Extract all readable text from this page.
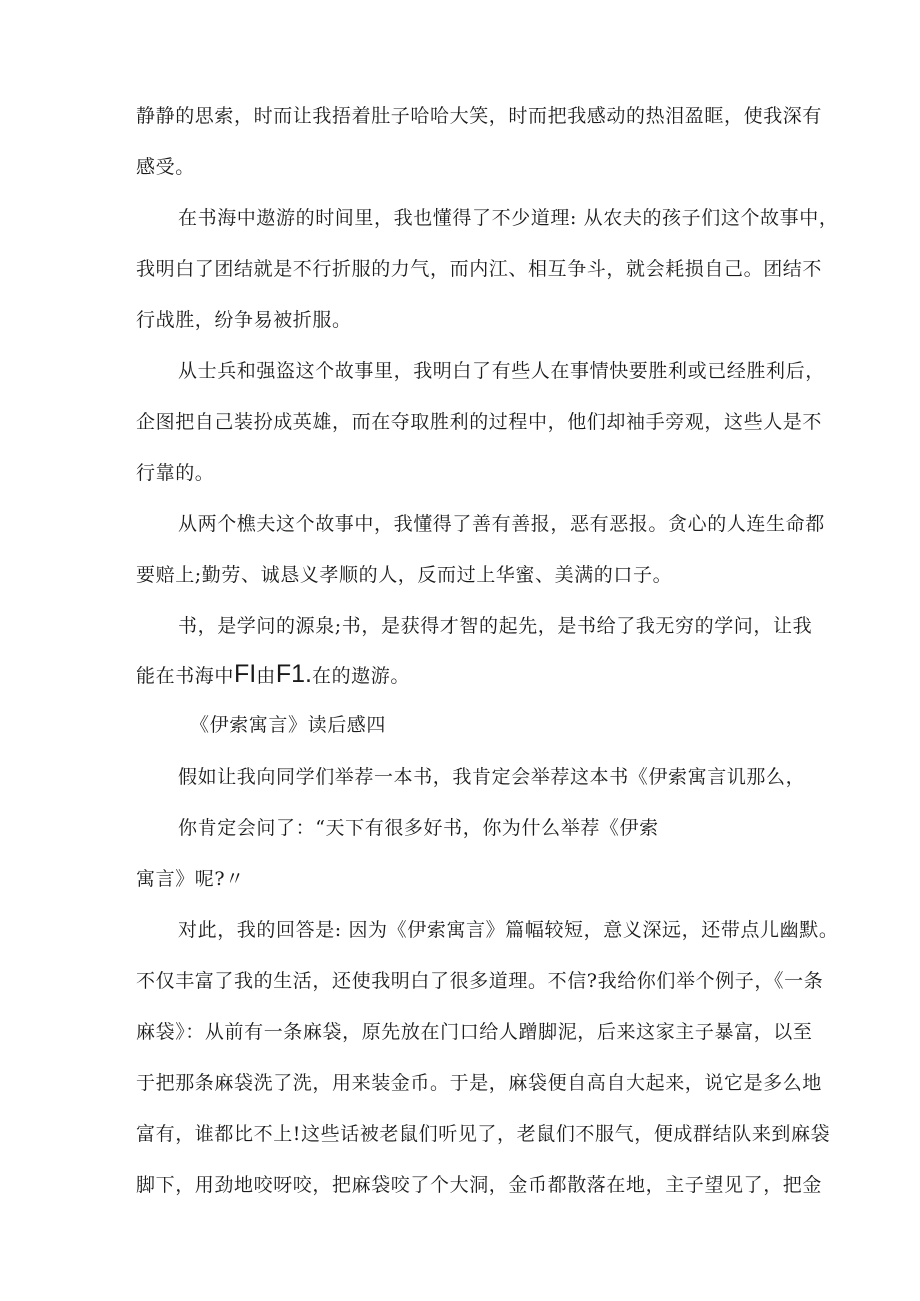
静静的思索，时而让我捂着肚子哈哈大笑，时而把我感动的热泪盈眶，使我深有
感受。
在书海中遨游的时间里，我也懂得了不少道理: 从农夫的孩子们这个故事中，
我明白了团结就是不行折服的力气，而内江、相互争斗，就会耗损自己。团结不
行战胜，纷争易被折服。
从士兵和强盗这个故事里，我明白了有些人在事情快要胜利或已经胜利后，
企图把自己装扮成英雄，而在夺取胜利的过程中，他们却袖手旁观，这些人是不
行靠的。
从两个樵夫这个故事中，我懂得了善有善报，恶有恶报。贪心的人连生命都
要赔上;勤劳、诚恳义孝顺的人，反而过上华蜜、美满的口子。
书，是学问的源泉;书，是获得才智的起先，是书给了我无穷的学问，让我
能在书海中FI由F1.在的遨游。
《伊索寓言》读后感四
假如让我向同学们举荐一本书，我肯定会举荐这本书《伊索寓言讥那么，
你肯定会问了：“天下有很多好书，你为什么举荐《伊索
寓言》呢?〃
对此，我的回答是: 因为《伊索寓言》篇幅较短，意义深远，还带点儿幽默。
不仅丰富了我的生活，还使我明白了很多道理。不信?我给你们举个例子，《一条
麻袋》：从前有一条麻袋，原先放在门口给人蹭脚泥，后来这家主子暴富，以至
于把那条麻袋洗了洗，用来装金币。于是，麻袋便自高自大起来，说它是多么地
富有，谁都比不上!这些话被老鼠们听见了，老鼠们不服气，便成群结队来到麻袋
脚下，用劲地咬呀咬，把麻袋咬了个大洞，金币都散落在地，主子望见了，把金
